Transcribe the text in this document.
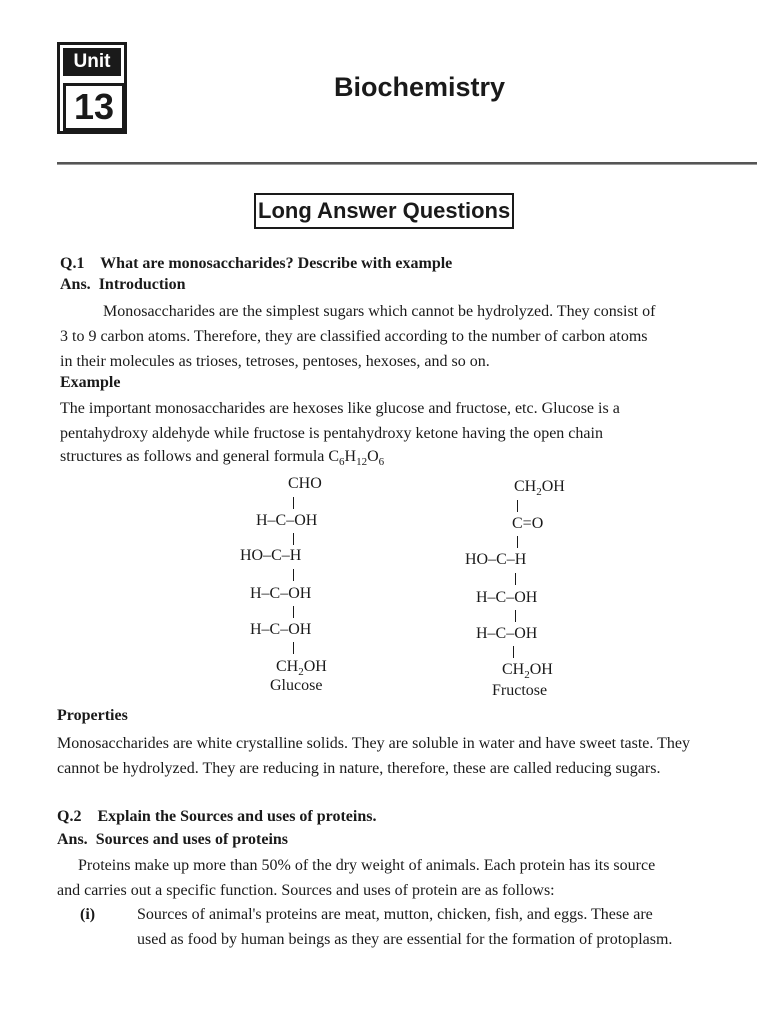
Unit
13	Biochemistry
Long Answer Questions
Q.1 What are monosaccharides? Describe with example
Ans. Introduction
Monosaccharides are the simplest sugars which cannot be hydrolyzed. They consist of
3 to 9 carbon atoms. Therefore, they are classified according to the number of carbon atoms
in their molecules as trioses, tetroses, pentoses, hexoses, and so on.
Example
The important monosaccharides are hexoses like glucose and fructose, etc. Glucose is a
pentahydroxy aldehyde while fructose is pentahydroxy ketone having the open chain
structures as follows and general formula $C_6H_{12}O_6$
CHO
H–C–OH
HO–C–H
H–C–OH
H–C–OH
$CH_2OH$
Glucose
$CH_2OH$
C=O
HO–C–H
H–C–OH
H–C–OH
$CH_2OH$
Fructose
Properties
Monosaccharides are white crystalline solids. They are soluble in water and have sweet taste. They
cannot be hydrolyzed. They are reducing in nature, therefore, these are called reducing sugars.
Q.2 Explain the Sources and uses of proteins.
Ans. Sources and uses of proteins
Proteins make up more than 50% of the dry weight of animals. Each protein has its source
and carries out a specific function. Sources and uses of protein are as follows:
(i)	Sources of animal's proteins are meat, mutton, chicken, fish, and eggs. These are
used as food by human beings as they are essential for the formation of protoplasm.
